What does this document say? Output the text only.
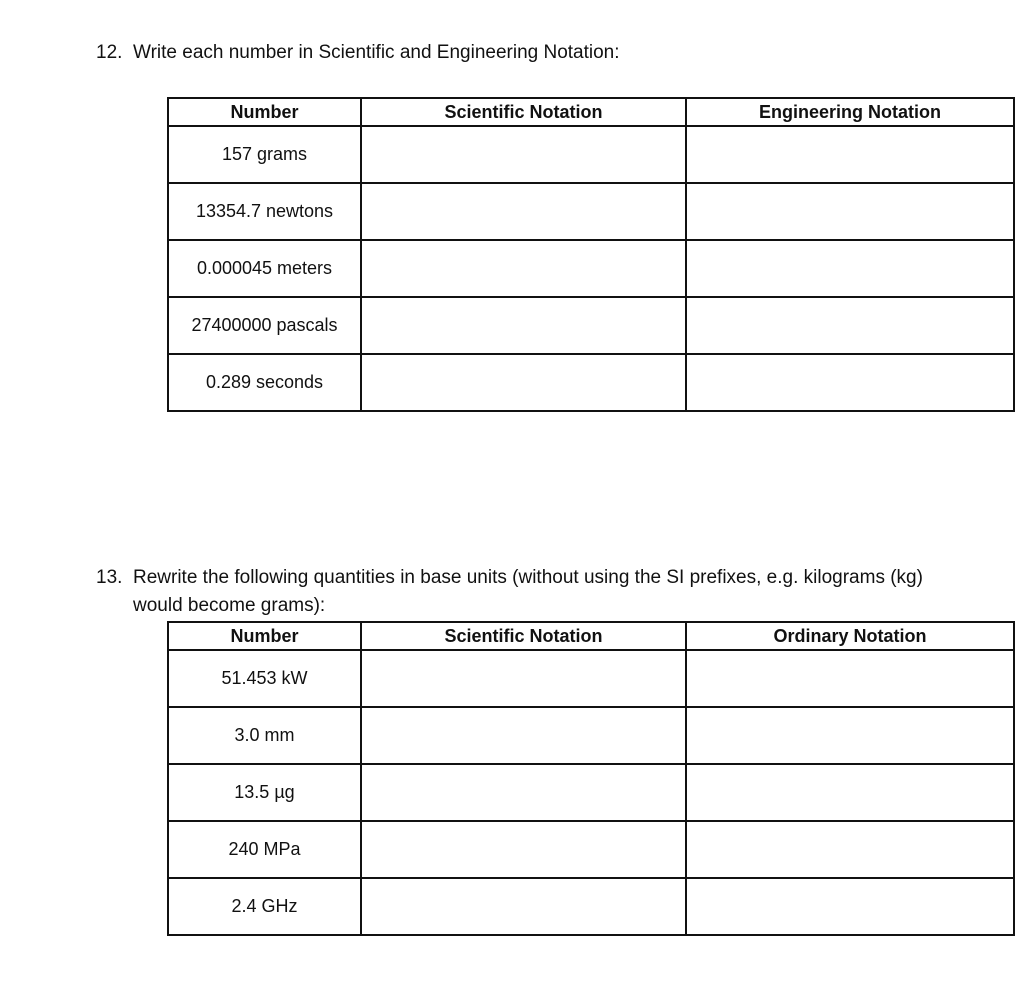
12. Write each number in Scientific and Engineering Notation:
Number	Scientific Notation	Engineering Notation
157 grams		
13354.7 newtons		
0.000045 meters		
27400000 pascals		
0.289 seconds		
13. Rewrite the following quantities in base units (without using the SI prefixes, e.g. kilograms (kg)
would become grams):
Number	Scientific Notation	Ordinary Notation
51.453 kW		
3.0 mm		
13.5 µg		
240 MPa		
2.4 GHz		
